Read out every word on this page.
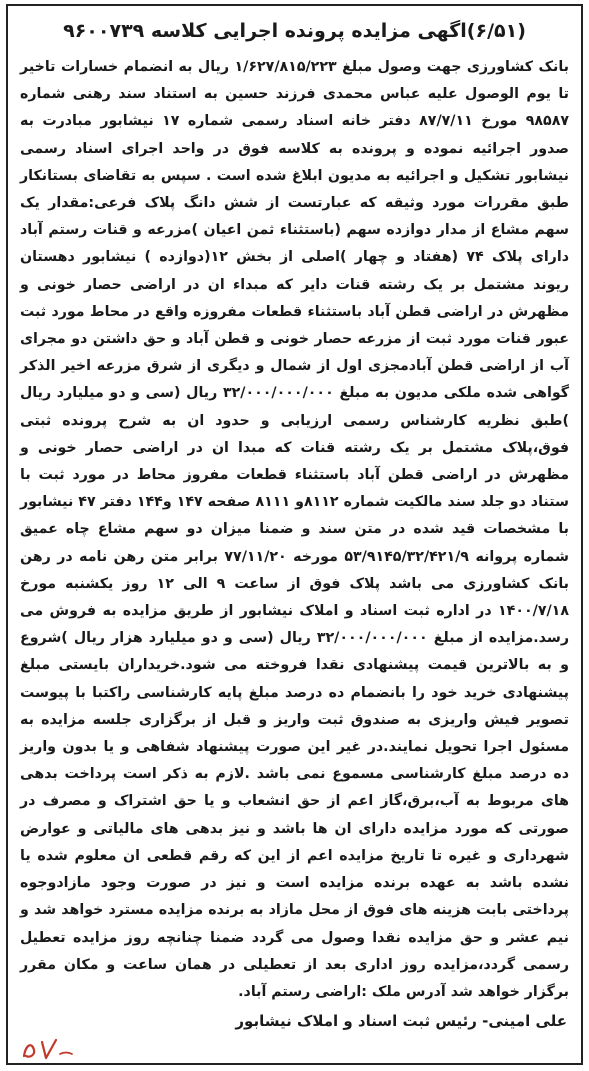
(۶/۵۱)اگهی مزایده پرونده اجرایی کلاسه ۹۶۰۰۷۳۹
بانک کشاورزی جهت وصول مبلغ ۱/۶۲۷/۸۱۵/۲۲۳ ریال به انضمام خسارات تاخیر تا یوم الوصول علیه عباس محمدی فرزند حسین به استناد سند رهنی شماره ۹۸۵۸۷ مورخ ۸۷/۷/۱۱ دفتر خانه اسناد رسمی شماره ۱۷ نیشابور مبادرت به صدور اجرائیه نموده و پرونده به کلاسه فوق در واحد اجرای اسناد رسمی نیشابور تشکیل و اجرائیه به مدیون ابلاغ شده است . سپس به تقاضای بستانکار طبق مقررات مورد وثیقه که عبارتست از شش دانگ پلاک فرعی:مقدار یک سهم مشاع از مدار دوازده سهم (باستثناء ثمن اعیان )مزرعه و قنات رستم آباد دارای پلاک ۷۴ (هفتاد و چهار )اصلی از بخش ۱۲(دوازده ) نیشابور دهستان ریوند مشتمل بر یک رشته قنات دایر که مبداء ان در اراضی حصار خونی و مظهرش در اراضی قطن آباد باستثناء قطعات مفروزه واقع در محاط مورد ثبت عبور قنات مورد ثبت از مزرعه حصار خونی و قطن آباد و حق داشتن دو مجرای آب از اراضی قطن آبادمجزی اول از شمال و دیگری از شرق مزرعه اخیر الذکر گواهی شده ملکی مدیون به مبلغ ۳۲/۰۰۰/۰۰۰/۰۰۰ ریال (سی و دو میلیارد ریال )طبق نظریه کارشناس رسمی ارزیابی و حدود ان به شرح پرونده ثبتی فوق،پلاک مشتمل بر یک رشته قنات که مبدا ان در اراضی حصار خونی و مظهرش در اراضی قطن آباد باستثناء قطعات مفروز محاط در مورد ثبت با ستناد دو جلد سند مالکیت شماره ۸۱۱۲و ۸۱۱۱ صفحه ۱۴۷ و۱۴۴ دفتر ۴۷ نیشابور با مشخصات قید شده در متن سند و ضمنا میزان دو سهم مشاع چاه عمیق شماره پروانه ۵۳/۹۱۴۵/۳۲/۴۲۱/۹ مورخه ۷۷/۱۱/۲۰ برابر متن رهن نامه در رهن بانک کشاورزی می باشد پلاک فوق از ساعت ۹ الی ۱۲ روز یکشنبه مورخ ۱۴۰۰/۷/۱۸ در اداره ثبت اسناد و املاک نیشابور از طریق مزایده به فروش می رسد.مزایده از مبلغ ۳۲/۰۰۰/۰۰۰/۰۰۰ ریال (سی و دو میلیارد هزار ریال )شروع و به بالاترین قیمت پیشنهادی نقدا فروخته می شود.خریداران بایستی مبلغ پیشنهادی خرید خود را بانضمام ده درصد مبلغ پایه کارشناسی راکتبا با پیوست تصویر فیش واریزی به صندوق ثبت واریز و قبل از برگزاری جلسه مزایده به مسئول اجرا تحویل نمایند.در غیر این صورت پیشنهاد شفاهی و یا بدون واریز ده درصد مبلغ کارشناسی مسموع نمی باشد .لازم به ذکر است پرداخت بدهی های مربوط به آب،برق،گاز اعم از حق انشعاب و یا حق اشتراک و مصرف در صورتی که مورد مزایده دارای ان ها باشد و نیز بدهی های مالیاتی و عوارض شهرداری و غیره تا تاریخ مزایده اعم از این که رقم قطعی ان معلوم شده یا نشده باشد به عهده برنده مزایده است و نیز در صورت وجود مازادوجوه پرداختی بابت هزینه های فوق از محل مازاد به برنده مزایده مسترد خواهد شد و نیم عشر و حق مزایده نقدا وصول می گردد ضمنا چنانچه روز مزایده تعطیل رسمی گردد،مزایده روز اداری بعد از تعطیلی در همان ساعت و مکان مقرر برگزار خواهد شد آدرس ملک :اراضی رستم آباد.
علی امینی- رئیس ثبت اسناد و املاک نیشابور
